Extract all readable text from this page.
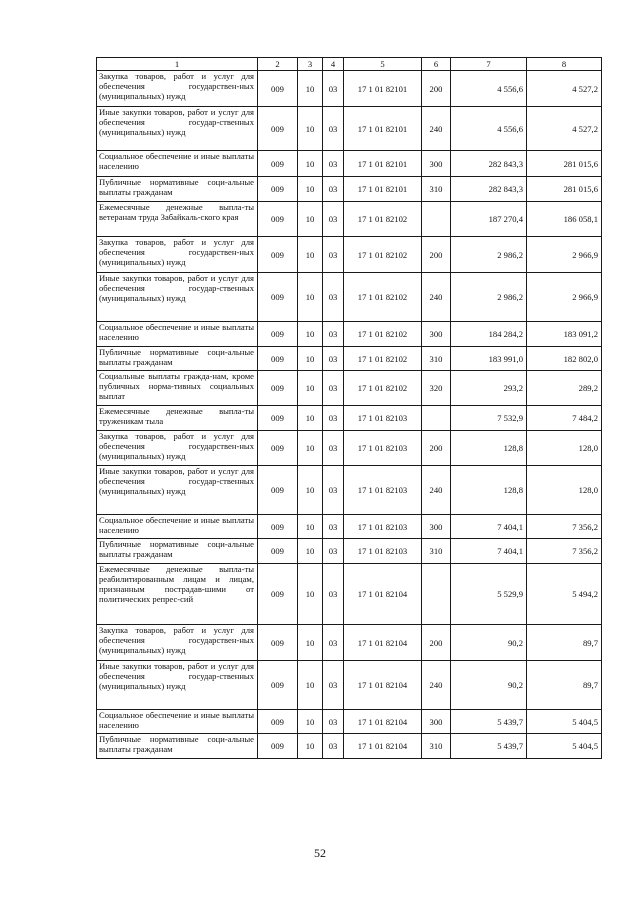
1	2	3	4	5	6	7	8
Закупка товаров, работ и услуг для обеспечения государствен-ных (муниципальных) нужд	009	10	03	17 1 01 82101	200	4 556,6	4 527,2
Иные закупки товаров, работ и услуг для обеспечения государ-ственных (муниципальных) нужд	009	10	03	17 1 01 82101	240	4 556,6	4 527,2
Социальное обеспечение и иные выплаты населению	009	10	03	17 1 01 82101	300	282 843,3	281 015,6
Публичные нормативные соци-альные выплаты гражданам	009	10	03	17 1 01 82101	310	282 843,3	281 015,6
Ежемесячные денежные выпла-ты ветеранам труда Забайкаль-ского края	009	10	03	17 1 01 82102		187 270,4	186 058,1
Закупка товаров, работ и услуг для обеспечения государствен-ных (муниципальных) нужд	009	10	03	17 1 01 82102	200	2 986,2	2 966,9
Иные закупки товаров, работ и услуг для обеспечения государ-ственных (муниципальных) нужд	009	10	03	17 1 01 82102	240	2 986,2	2 966,9
Социальное обеспечение и иные выплаты населению	009	10	03	17 1 01 82102	300	184 284,2	183 091,2
Публичные нормативные соци-альные выплаты гражданам	009	10	03	17 1 01 82102	310	183 991,0	182 802,0
Социальные выплаты гражда-нам, кроме публичных норма-тивных социальных выплат	009	10	03	17 1 01 82102	320	293,2	289,2
Ежемесячные денежные выпла-ты труженикам тыла	009	10	03	17 1 01 82103		7 532,9	7 484,2
Закупка товаров, работ и услуг для обеспечения государствен-ных (муниципальных) нужд	009	10	03	17 1 01 82103	200	128,8	128,0
Иные закупки товаров, работ и услуг для обеспечения государ-ственных (муниципальных) нужд	009	10	03	17 1 01 82103	240	128,8	128,0
Социальное обеспечение и иные выплаты населению	009	10	03	17 1 01 82103	300	7 404,1	7 356,2
Публичные нормативные соци-альные выплаты гражданам	009	10	03	17 1 01 82103	310	7 404,1	7 356,2
Ежемесячные денежные выпла-ты реабилитированным лицам и лицам, признанным пострадав-шими от политических репрес-сий	009	10	03	17 1 01 82104		5 529,9	5 494,2
Закупка товаров, работ и услуг для обеспечения государствен-ных (муниципальных) нужд	009	10	03	17 1 01 82104	200	90,2	89,7
Иные закупки товаров, работ и услуг для обеспечения государ-ственных (муниципальных) нужд	009	10	03	17 1 01 82104	240	90,2	89,7
Социальное обеспечение и иные выплаты населению	009	10	03	17 1 01 82104	300	5 439,7	5 404,5
Публичные нормативные соци-альные выплаты гражданам	009	10	03	17 1 01 82104	310	5 439,7	5 404,5
52
